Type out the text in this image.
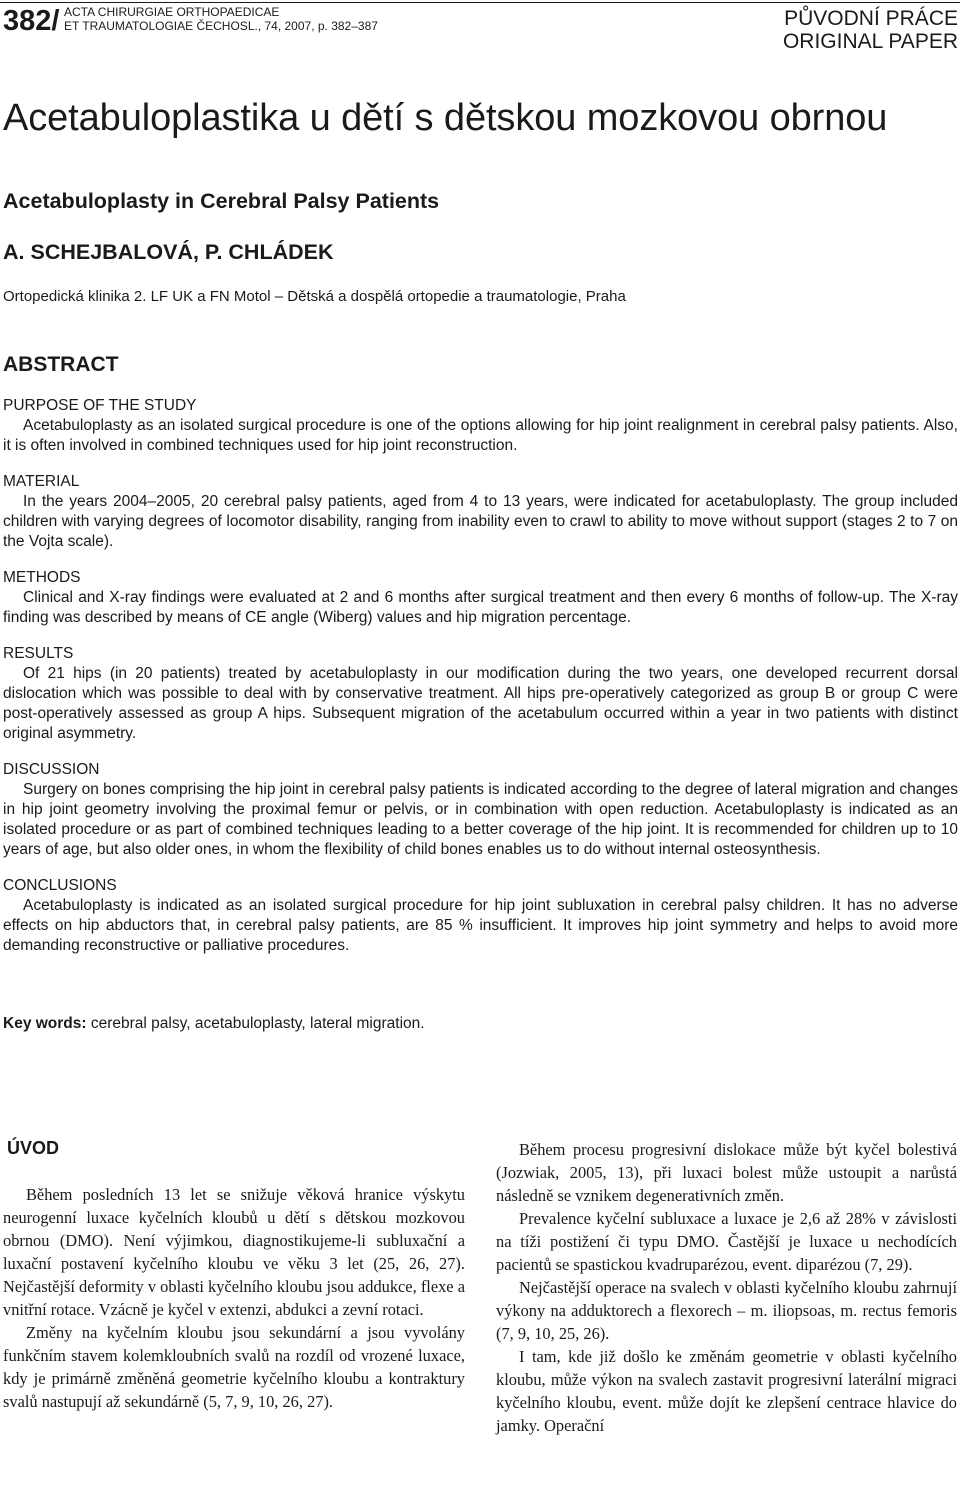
382/ ACTA CHIRURGIAE ORTHOPAEDICAE
ET TRAUMATOLOGIAE ČECHOSL., 74, 2007, p. 382–387	PŮVODNÍ PRÁCE
ORIGINAL PAPER
Acetabuloplastika u dětí s dětskou mozkovou obrnou
Acetabuloplasty in Cerebral Palsy Patients
A. SCHEJBALOVÁ, P. CHLÁDEK
Ortopedická klinika 2. LF UK a FN Motol – Dětská a dospělá ortopedie a traumatologie, Praha
ABSTRACT
PURPOSE OF THE STUDY

Acetabuloplasty as an isolated surgical procedure is one of the options allowing for hip joint realignment in cerebral palsy patients. Also, it is often involved in combined techniques used for hip joint reconstruction.

MATERIAL

In the years 2004–2005, 20 cerebral palsy patients, aged from 4 to 13 years, were indicated for acetabuloplasty. The group included children with varying degrees of locomotor disability, ranging from inability even to crawl to ability to move without support (stages 2 to 7 on the Vojta scale).

METHODS

Clinical and X-ray findings were evaluated at 2 and 6 months after surgical treatment and then every 6 months of follow-up. The X-ray finding was described by means of CE angle (Wiberg) values and hip migration percentage.

RESULTS

Of 21 hips (in 20 patients) treated by acetabuloplasty in our modification during the two years, one developed recurrent dorsal dislocation which was possible to deal with by conservative treatment. All hips pre-operatively categorized as group B or group C were post-operatively assessed as group A hips. Subsequent migration of the acetabulum occurred within a year in two patients with distinct original asymmetry.

DISCUSSION

Surgery on bones comprising the hip joint in cerebral palsy patients is indicated according to the degree of lateral migration and changes in hip joint geometry involving the proximal femur or pelvis, or in combination with open reduction. Acetabuloplasty is indicated as an isolated procedure or as part of combined techniques leading to a better coverage of the hip joint. It is recommended for children up to 10 years of age, but also older ones, in whom the flexibility of child bones enables us to do without internal osteosynthesis.

CONCLUSIONS

Acetabuloplasty is indicated as an isolated surgical procedure for hip joint subluxation in cerebral palsy children. It has no adverse effects on hip abductors that, in cerebral palsy patients, are 85 % insufficient. It improves hip joint symmetry and helps to avoid more demanding reconstructive or palliative procedures.

Key words: cerebral palsy, acetabuloplasty, lateral migration.
ÚVOD

Během posledních 13 let se snižuje věková hranice výskytu neurogenní luxace kyčelních kloubů u dětí s dětskou mozkovou obrnou (DMO). Není výjimkou, diagnostikujeme-li subluxační a luxační postavení kyčelního kloubu ve věku 3 let (25, 26, 27). Nejčastější deformity v oblasti kyčelního kloubu jsou addukce, flexe a vnitřní rotace. Vzácně je kyčel v extenzi, abdukci a zevní rotaci.

Změny na kyčelním kloubu jsou sekundární a jsou vyvolány funkčním stavem kolemkloubních svalů na rozdíl od vrozené luxace, kdy je primárně změněná geometrie kyčelního kloubu a kontraktury svalů nastupují až sekundárně (5, 7, 9, 10, 26, 27).

Během procesu progresivní dislokace může být kyčel bolestivá (Jozwiak, 2005, 13), při luxaci bolest může ustoupit a narůstá následně se vznikem degenerativních změn.

Prevalence kyčelní subluxace a luxace je 2,6 až 28% v závislosti na tíži postižení či typu DMO. Častější je luxace u nechodících pacientů se spastickou kvadruparézou, event. diparézou (7, 29).

Nejčastější operace na svalech v oblasti kyčelního kloubu zahrnují výkony na adduktorech a flexorech – m. iliopsoas, m. rectus femoris (7, 9, 10, 25, 26).

I tam, kde již došlo ke změnám geometrie v oblasti kyčelního kloubu, může výkon na svalech zastavit progresivní laterální migraci kyčelního kloubu, event. může dojít ke zlepšení centrace hlavice do jamky. Operační
